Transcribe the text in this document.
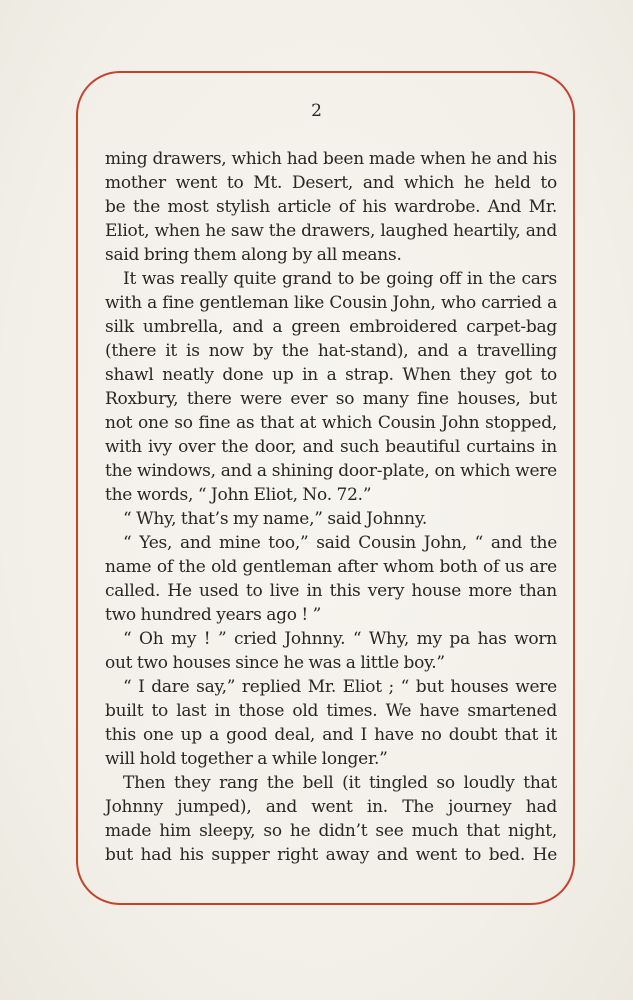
2
ming drawers, which had been made when he and his
mother went to Mt. Desert, and which he held to
be the most stylish article of his wardrobe. And Mr.
Eliot, when he saw the drawers, laughed heartily, and
said bring them along by all means.
It was really quite grand to be going off in the cars
with a fine gentleman like Cousin John, who carried a
silk umbrella, and a green embroidered carpet-bag
(there it is now by the hat-stand), and a travelling
shawl neatly done up in a strap. When they got to
Roxbury, there were ever so many fine houses, but
not one so fine as that at which Cousin John stopped,
with ivy over the door, and such beautiful curtains in
the windows, and a shining door-plate, on which were
the words, “ John Eliot, No. 72.”
“ Why, that’s my name,” said Johnny.
“ Yes, and mine too,” said Cousin John, “ and the
name of the old gentleman after whom both of us are
called. He used to live in this very house more than
two hundred years ago ! ”
“ Oh my ! ” cried Johnny. “ Why, my pa has worn
out two houses since he was a little boy.”
“ I dare say,” replied Mr. Eliot ; “ but houses were
built to last in those old times. We have smartened
this one up a good deal, and I have no doubt that it
will hold together a while longer.”
Then they rang the bell (it tingled so loudly that
Johnny jumped), and went in. The journey had
made him sleepy, so he didn’t see much that night,
but had his supper right away and went to bed. He
